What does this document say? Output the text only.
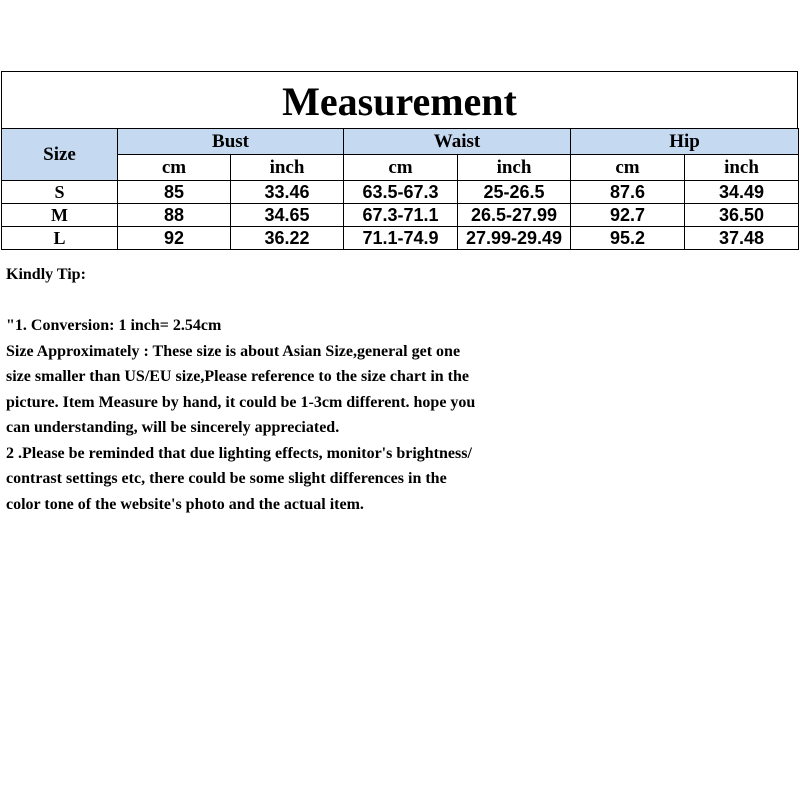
Measurement
Size	Bust		Waist		Hip	
	cm	inch	cm	inch	cm	inch
S	85	33.46	63.5-67.3	25-26.5	87.6	34.49
M	88	34.65	67.3-71.1	26.5-27.99	92.7	36.50
L	92	36.22	71.1-74.9	27.99-29.49	95.2	37.48
Kindly Tip:
"1. Conversion: 1 inch= 2.54cm
Size Approximately : These size is about Asian Size,general get one
size smaller than US/EU size,Please reference to the size chart in the
picture. Item Measure by hand, it could be 1-3cm different. hope you
can understanding, will be sincerely appreciated.
2 .Please be reminded that due lighting effects, monitor's brightness/
contrast settings etc, there could be some slight differences in the
color tone of the website's photo and the actual item.
